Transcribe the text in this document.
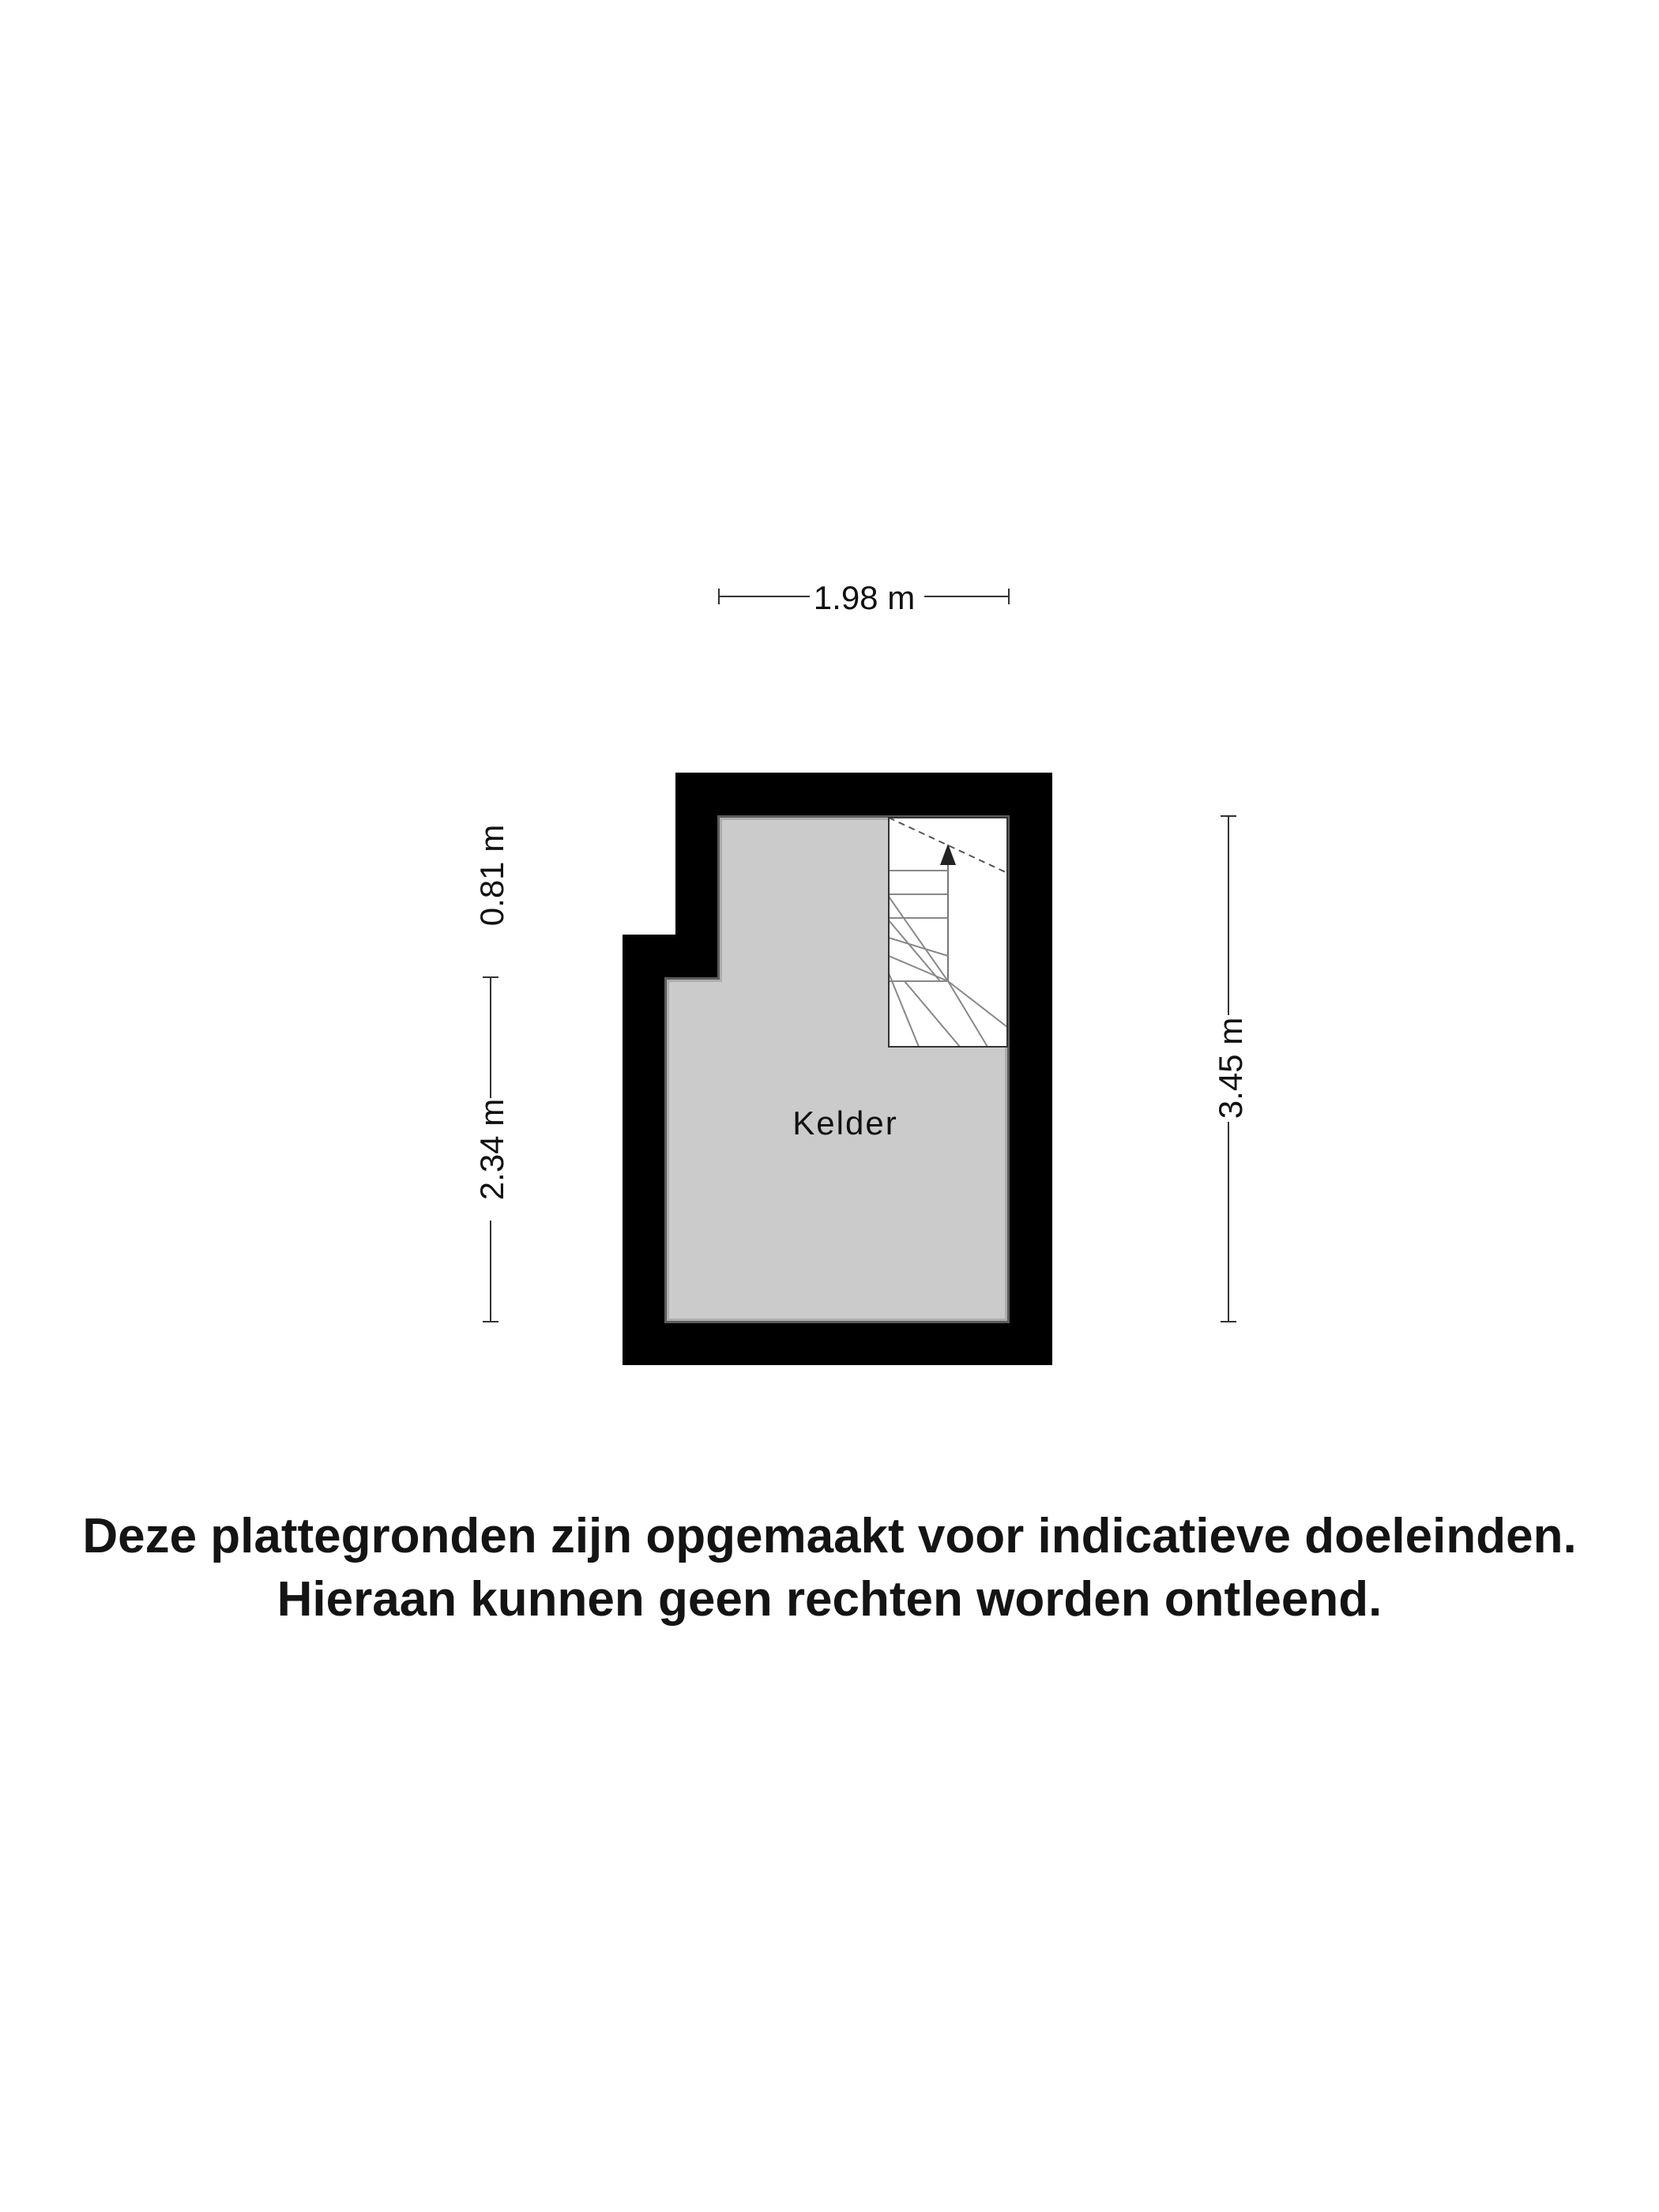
1.98 m
0.81 m
2.34 m
3.45 m
Kelder
Deze plattegronden zijn opgemaakt voor indicatieve doeleinden.
Hieraan kunnen geen rechten worden ontleend.
